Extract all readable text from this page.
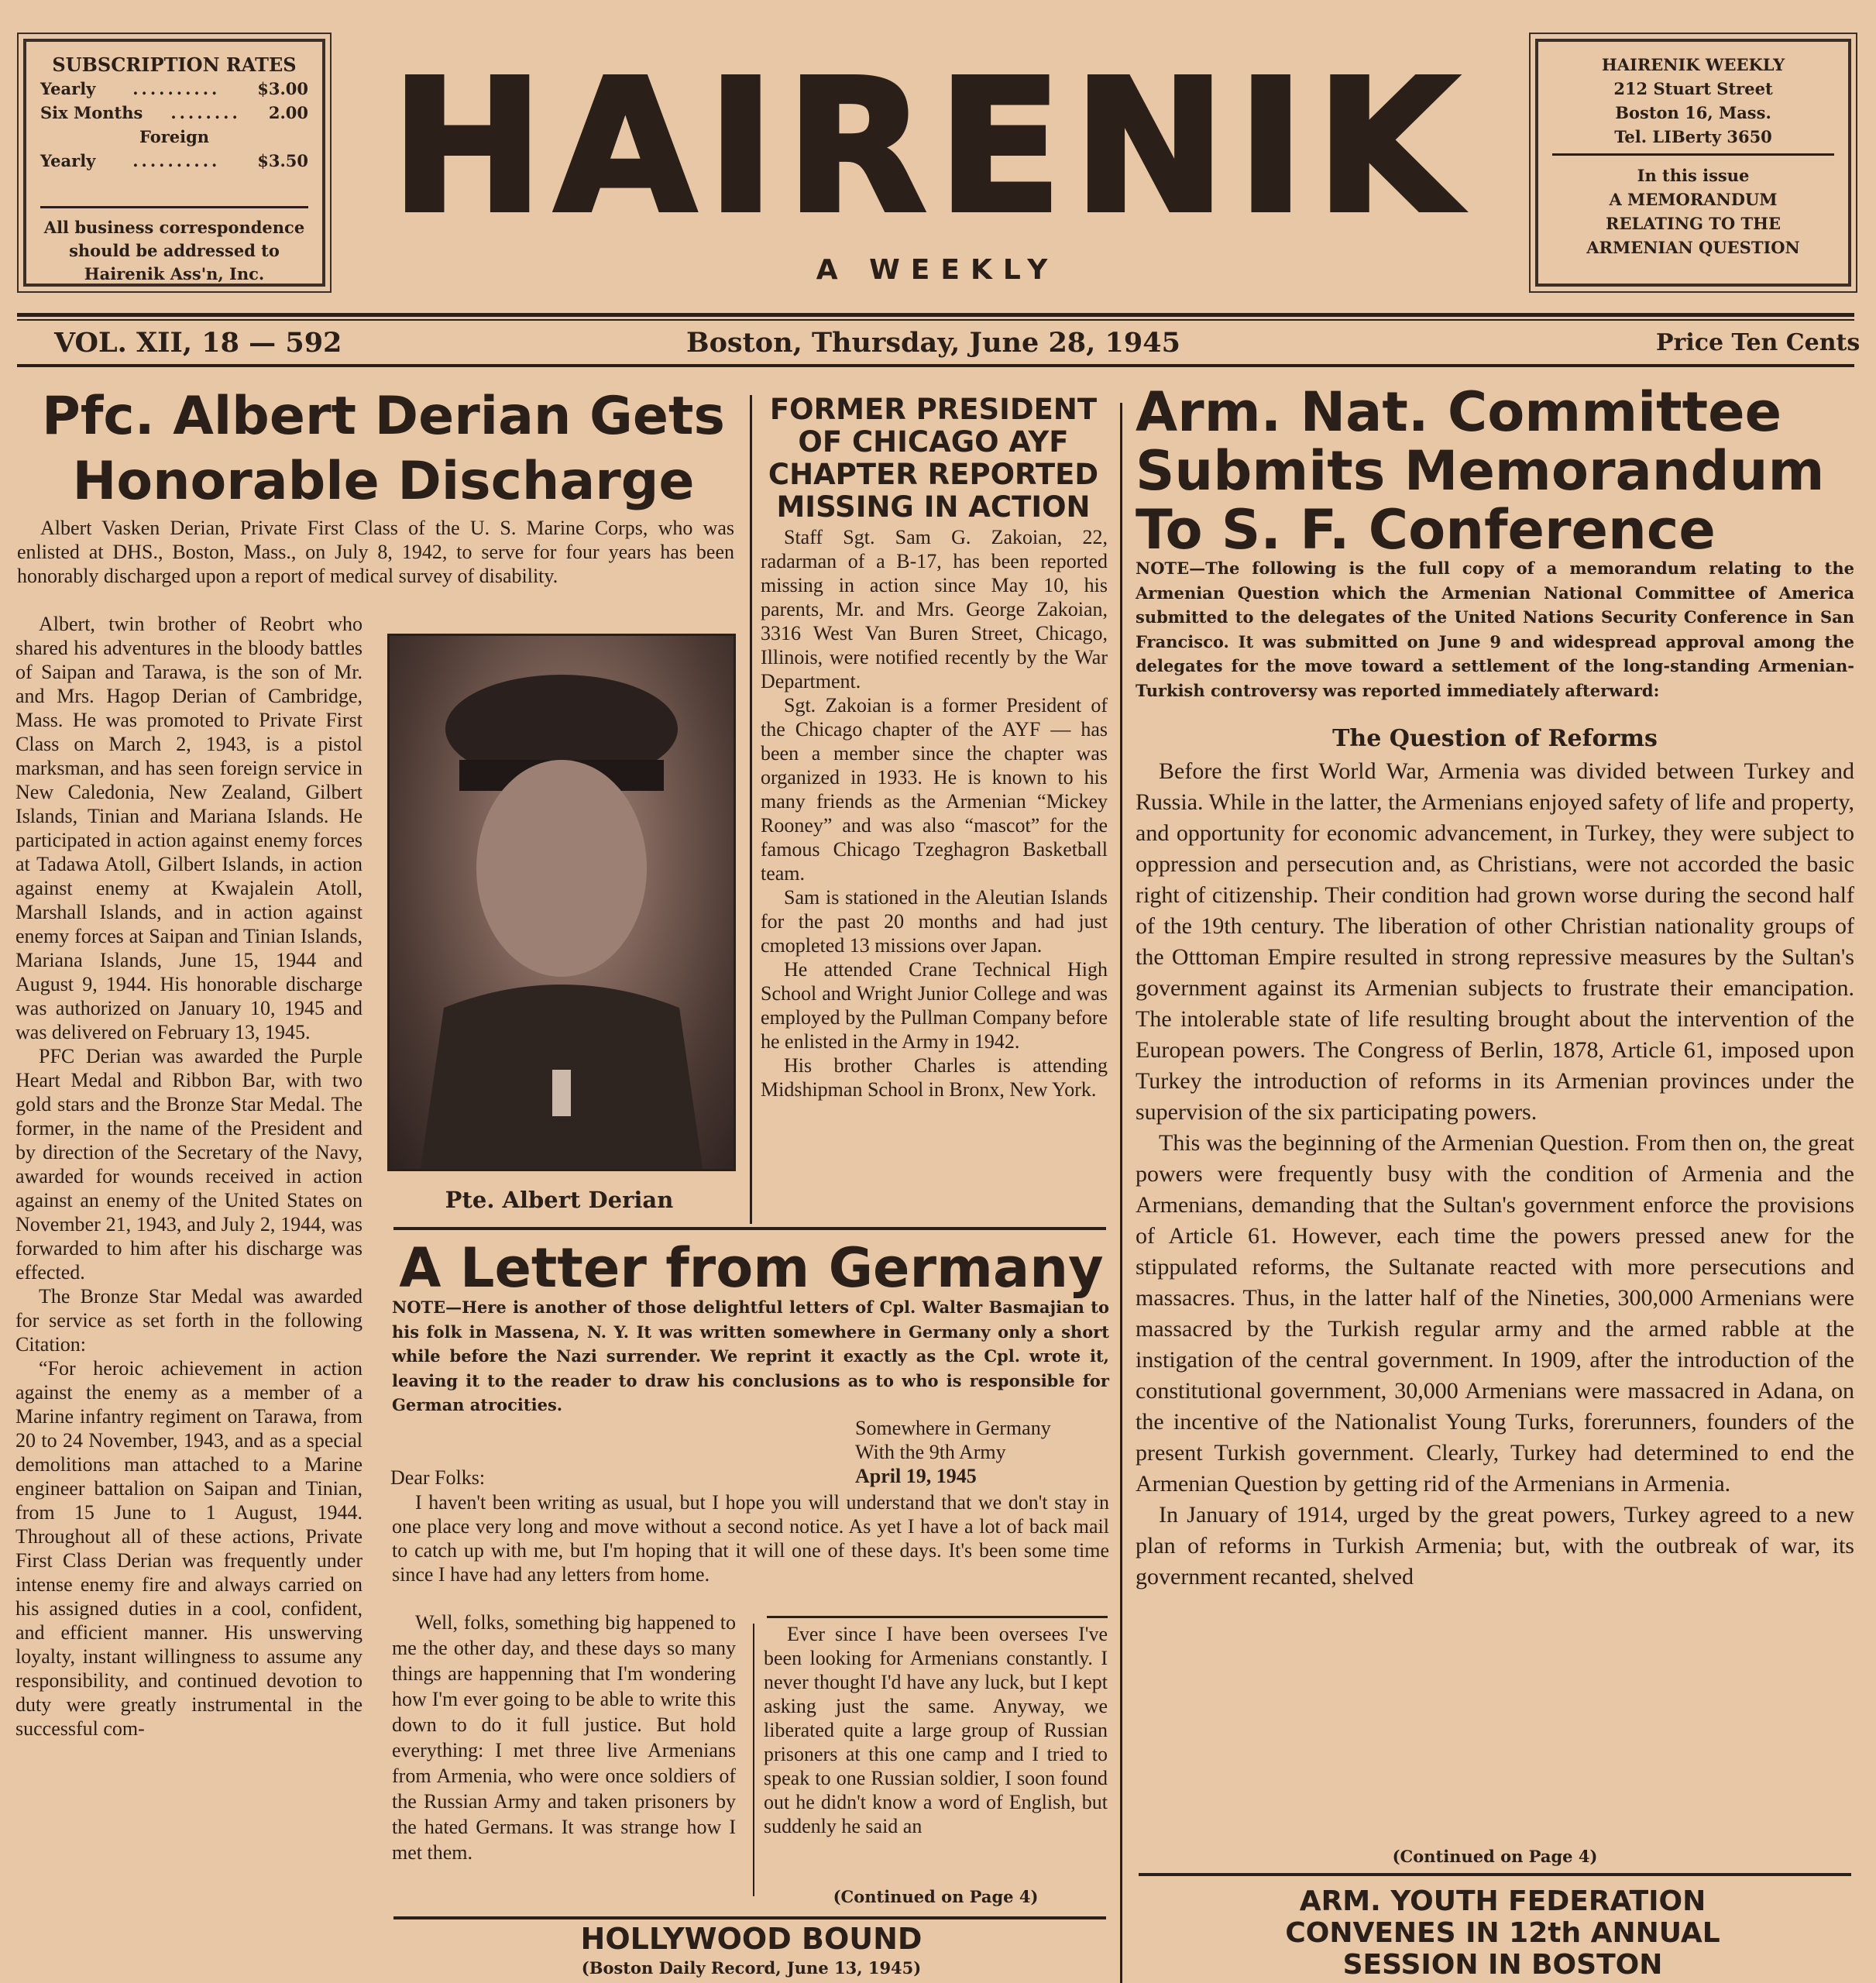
SUBSCRIPTION RATES
Yearly .......... $3.00
Six Months ........ 2.00
Foreign
Yearly .......... $3.50
All business correspondence should be addressed to Hairenik Ass'n, Inc.
HAIRENIK
A WEEKLY
HAIRENIK WEEKLY
212 Stuart Street
Boston 16, Mass.
Tel. LIBerty 3650
In this issue
A MEMORANDUM RELATING TO THE ARMENIAN QUESTION
VOL. XII, 18 — 592	Boston, Thursday, June 28, 1945	Price Ten Cents
Pfc. Albert Derian Gets
Honorable Discharge

Albert Vasken Derian, Private First Class of the U. S. Marine Corps, who was enlisted at DHS., Boston, Mass., on July 8, 1942, to serve for four years has been honorably discharged upon a report of medical survey of disability.

Albert, twin brother of Reobrt who shared his adventures in the bloody battles of Saipan and Tarawa, is the son of Mr. and Mrs. Hagop Derian of Cambridge, Mass. He was promoted to Private First Class on March 2, 1943, is a pistol marksman, and has seen foreign service in New Caledonia, New Zealand, Gilbert Islands, Tinian and Mariana Islands. He participated in action against enemy forces at Tadawa Atoll, Gilbert Islands, in action against enemy at Kwajalein Atoll, Marshall Islands, and in action against enemy forces at Saipan and Tinian Islands, Mariana Islands, June 15, 1944 and August 9, 1944. His honorable discharge was authorized on January 10, 1945 and was delivered on February 13, 1945.

PFC Derian was awarded the Purple Heart Medal and Ribbon Bar, with two gold stars and the Bronze Star Medal. The former, in the name of the President and by direction of the Secretary of the Navy, awarded for wounds received in action against an enemy of the United States on November 21, 1943, and July 2, 1944, was forwarded to him after his discharge was effected.

The Bronze Star Medal was awarded for service as set forth in the following Citation:

“For heroic achievement in action against the enemy as a member of a Marine infantry regiment on Tarawa, from 20 to 24 November, 1943, and as a special demolitions man attached to a Marine engineer battalion on Saipan and Tinian, from 15 June to 1 August, 1944. Throughout all of these actions, Private First Class Derian was frequently under intense enemy fire and always carried on his assigned duties in a cool, confident, and efficient manner. His unswerving loyalty, instant willingness to assume any responsibility, and continued devotion to duty were greatly instrumental in the successful com-

Pte. Albert Derian
FORMER PRESIDENT OF CHICAGO AYF CHAPTER REPORTED MISSING IN ACTION

Staff Sgt. Sam G. Zakoian, 22, radarman of a B-17, has been reported missing in action since May 10, his parents, Mr. and Mrs. George Zakoian, 3316 West Van Buren Street, Chicago, Illinois, were notified recently by the War Department.

Sgt. Zakoian is a former President of the Chicago chapter of the AYF — has been a member since the chapter was organized in 1933. He is known to his many friends as the Armenian “Mickey Rooney” and was also “mascot” for the famous Chicago Tzeghagron Basketball team.

Sam is stationed in the Aleutian Islands for the past 20 months and had just cmopleted 13 missions over Japan.

He attended Crane Technical High School and Wright Junior College and was employed by the Pullman Company before he enlisted in the Army in 1942.

His brother Charles is attending Midshipman School in Bronx, New York.

A Letter from Germany
NOTE—Here is another of those delightful letters of Cpl. Walter Basmajian to his folk in Massena, N. Y. It was written somewhere in Germany only a short while before the Nazi surrender. We reprint it exactly as the Cpl. wrote it, leaving it to the reader to draw his conclusions as to who is responsible for German atrocities.
Somewhere in Germany
With the 9th Army
April 19, 1945
Dear Folks:

I haven't been writing as usual, but I hope you will understand that we don't stay in one place very long and move without a second notice. As yet I have a lot of back mail to catch up with me, but I'm hoping that it will one of these days. It's been some time since I have had any letters from home.

Well, folks, something big happened to me the other day, and these days so many things are happenning that I'm wondering how I'm ever going to be able to write this down to do it full justice. But hold everything: I met three live Armenians from Armenia, who were once soldiers of the Russian Army and taken prisoners by the hated Germans. It was strange how I met them.

Ever since I have been oversees I've been looking for Armenians constantly. I never thought I'd have any luck, but I kept asking just the same. Anyway, we liberated quite a large group of Russian prisoners at this one camp and I tried to speak to one Russian soldier, I soon found out he didn't know a word of English, but suddenly he said an

(Continued on Page 4)
HOLLYWOOD BOUND
(Boston Daily Record, June 13, 1945)
Arm. Nat. Committee
Submits Memorandum
To S. F. Conference
NOTE—The following is the full copy of a memorandum relating to the Armenian Question which the Armenian National Committee of America submitted to the delegates of the United Nations Security Conference in San Francisco. It was submitted on June 9 and widespread approval among the delegates for the move toward a settlement of the long-standing Armenian-Turkish controversy was reported immediately afterward:
The Question of Reforms

Before the first World War, Armenia was divided between Turkey and Russia. While in the latter, the Armenians enjoyed safety of life and property, and opportunity for economic advancement, in Turkey, they were subject to oppression and persecution and, as Christians, were not accorded the basic right of citizenship. Their condition had grown worse during the second half of the 19th century. The liberation of other Christian nationality groups of the Otttoman Empire resulted in strong repressive measures by the Sultan's government against its Armenian subjects to frustrate their emancipation. The intolerable state of life resulting brought about the intervention of the European powers. The Congress of Berlin, 1878, Article 61, imposed upon Turkey the introduction of reforms in its Armenian provinces under the supervision of the six participating powers.

This was the beginning of the Armenian Question. From then on, the great powers were frequently busy with the condition of Armenia and the Armenians, demanding that the Sultan's government enforce the provisions of Article 61. However, each time the powers pressed anew for the stippulated reforms, the Sultanate reacted with more persecutions and massacres. Thus, in the latter half of the Nineties, 300,000 Armenians were massacred by the Turkish regular army and the armed rabble at the instigation of the central government. In 1909, after the introduction of the constitutional government, 30,000 Armenians were massacred in Adana, on the incentive of the Nationalist Young Turks, forerunners, founders of the present Turkish government. Clearly, Turkey had determined to end the Armenian Question by getting rid of the Armenians in Armenia.

In January of 1914, urged by the great powers, Turkey agreed to a new plan of reforms in Turkish Armenia; but, with the outbreak of war, its government recanted, shelved

(Continued on Page 4)
ARM. YOUTH FEDERATION CONVENES IN 12th ANNUAL SESSION IN BOSTON
